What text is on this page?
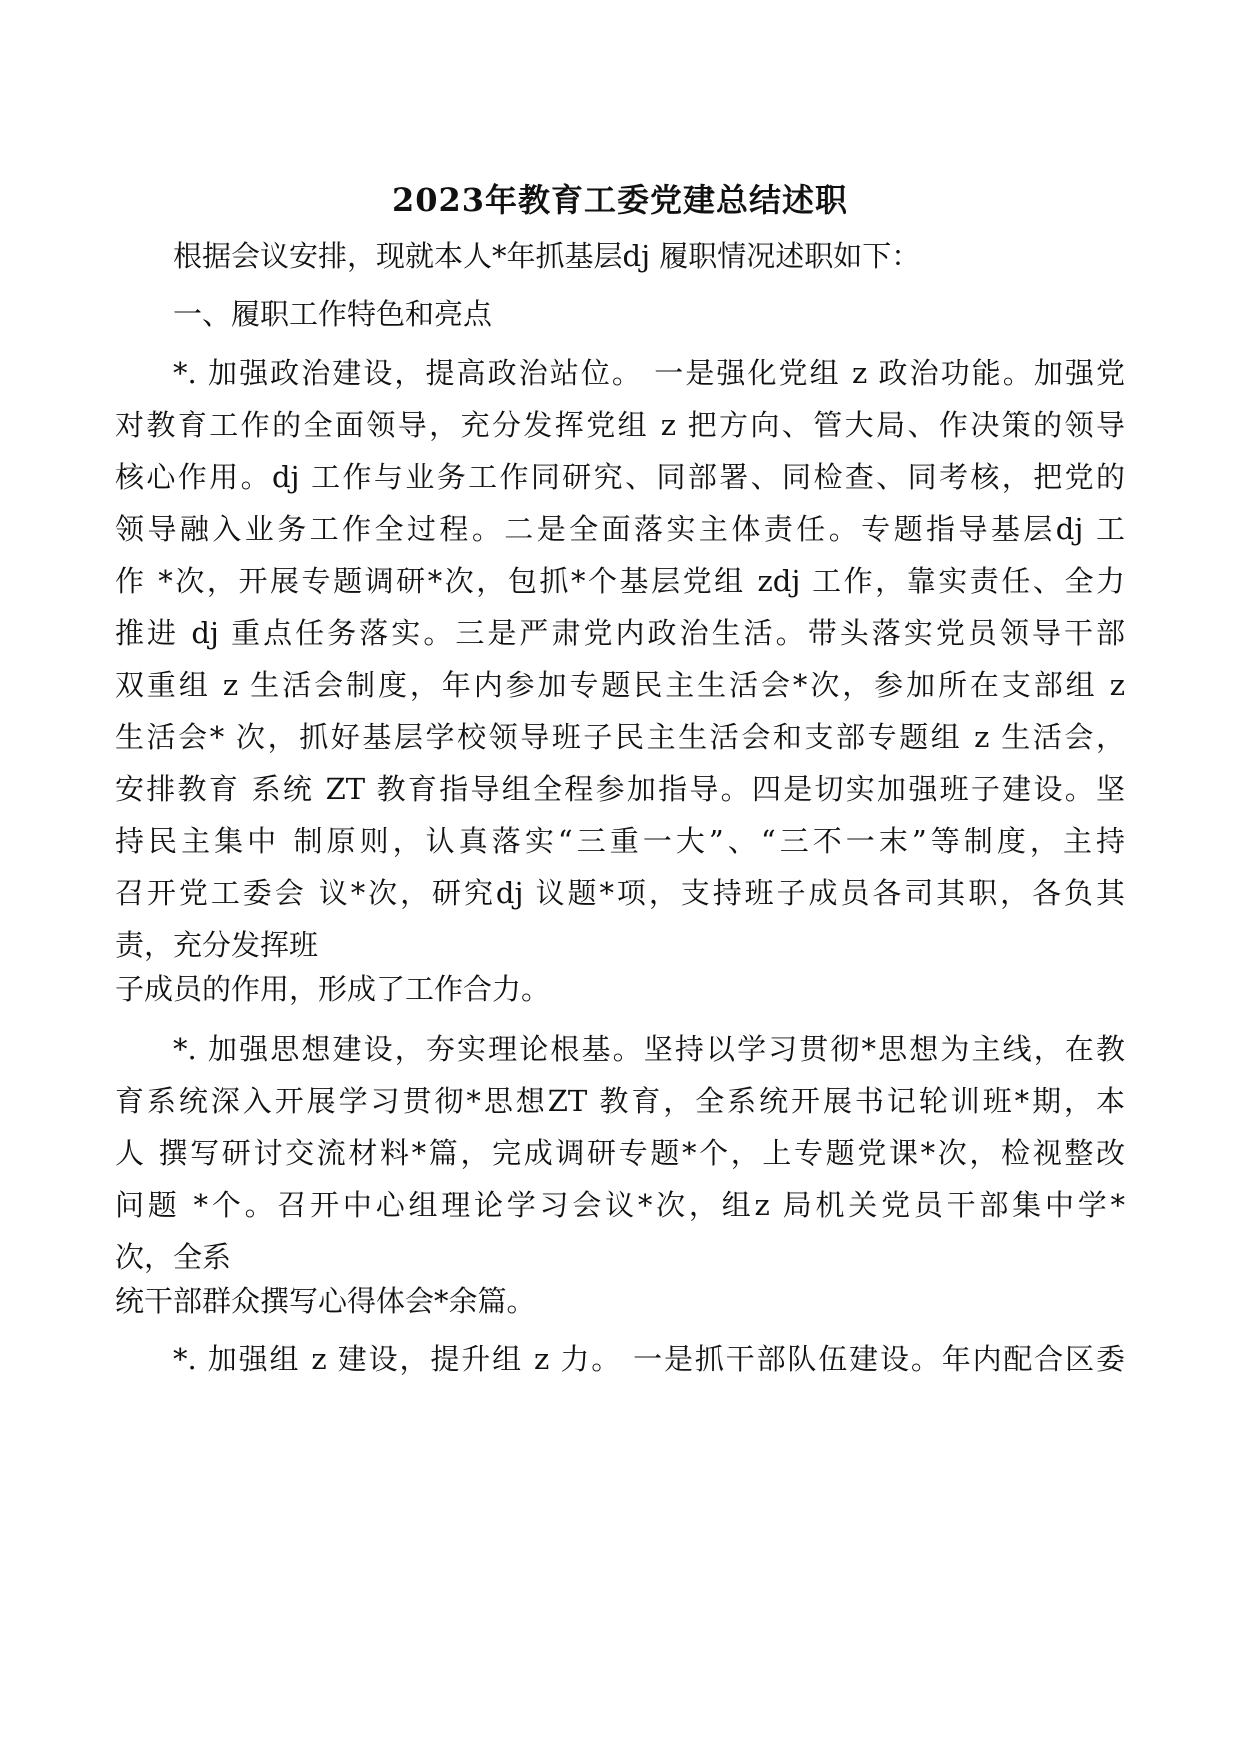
2023年教育工委党建总结述职
根据会议安排，现就本人*年抓基层dj 履职情况述职如下：
一、履职工作特色和亮点
*. 加强政治建设，提高政治站位。 一是强化党组 z 政治功能。加强党
对教育工作的全面领导，充分发挥党组 z 把方向、管大局、作决策的领导
核心作用。dj 工作与业务工作同研究、同部署、同检查、同考核，把党的
领导融入业务工作全过程。二是全面落实主体责任。专题指导基层dj 工
作 *次，开展专题调研*次，包抓*个基层党组 zdj 工作，靠实责任、全力
推进 dj 重点任务落实。三是严肃党内政治生活。带头落实党员领导干部
双重组 z 生活会制度，年内参加专题民主生活会*次，参加所在支部组 z
生活会* 次，抓好基层学校领导班子民主生活会和支部专题组 z 生活会，
安排教育 系统 ZT 教育指导组全程参加指导。四是切实加强班子建设。坚
持民主集中 制原则，认真落实“三重一大”、“三不一末”等制度，主持
召开党工委会 议*次，研究dj 议题*项，支持班子成员各司其职，各负其
责，充分发挥班
子成员的作用，形成了工作合力。
*. 加强思想建设，夯实理论根基。坚持以学习贯彻*思想为主线，在教
育系统深入开展学习贯彻*思想ZT 教育，全系统开展书记轮训班*期，本
人 撰写研讨交流材料*篇，完成调研专题*个，上专题党课*次，检视整改
问题 *个。召开中心组理论学习会议*次，组z 局机关党员干部集中学*
次，全系
统干部群众撰写心得体会*余篇。
*. 加强组 z 建设，提升组 z 力。 一是抓干部队伍建设。年内配合区委
